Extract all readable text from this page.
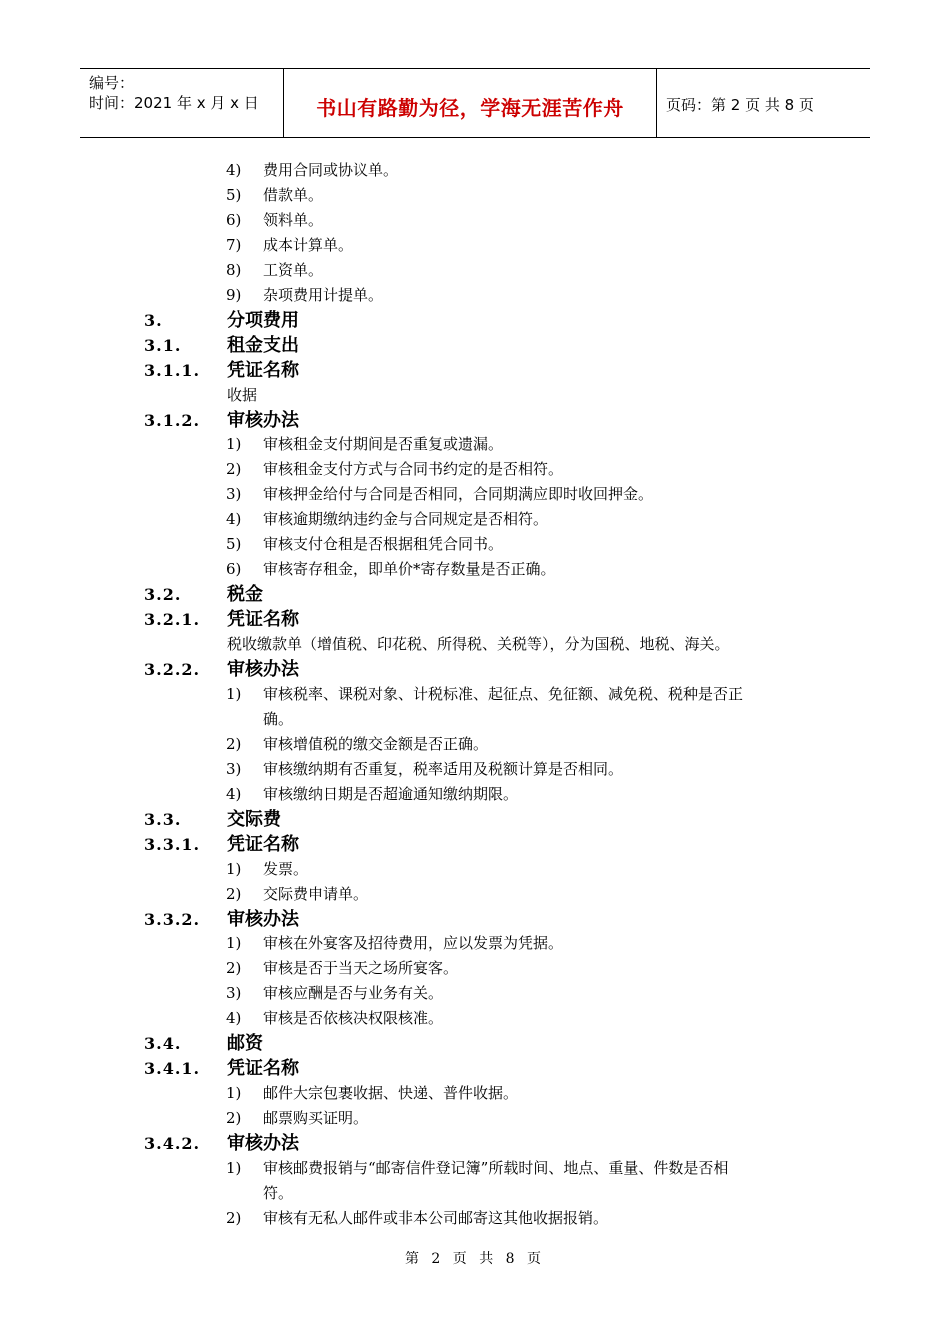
编号：
时间：2021 年 x 月 x 日	书山有路勤为径，学海无涯苦作舟	页码：第 2 页 共 8 页
4) 费用合同或协议单。
5) 借款单。
6) 领料单。
7) 成本计算单。
8) 工资单。
9) 杂项费用计提单。
3.	分项费用
3.1.	租金支出
3.1.1. 凭证名称
收据
3.1.2. 审核办法
1) 审核租金支付期间是否重复或遗漏。
2) 审核租金支付方式与合同书约定的是否相符。
3) 审核押金给付与合同是否相同，合同期满应即时收回押金。
4) 审核逾期缴纳违约金与合同规定是否相符。
5) 审核支付仓租是否根据租凭合同书。
6) 审核寄存租金，即单价*寄存数量是否正确。
3.2.	税金
3.2.1. 凭证名称
税收缴款单（增值税、印花税、所得税、关税等），分为国税、地税、海关。
3.2.2. 审核办法
1) 审核税率、课税对象、计税标准、起征点、免征额、减免税、税种是否正
确。
2) 审核增值税的缴交金额是否正确。
3) 审核缴纳期有否重复，税率适用及税额计算是否相同。
4) 审核缴纳日期是否超逾通知缴纳期限。
3.3.	交际费
3.3.1. 凭证名称
1) 发票。
2) 交际费申请单。
3.3.2. 审核办法
1) 审核在外宴客及招待费用，应以发票为凭据。
2) 审核是否于当天之场所宴客。
3) 审核应酬是否与业务有关。
4) 审核是否依核决权限核准。
3.4.	邮资
3.4.1. 凭证名称
1) 邮件大宗包裹收据、快递、普件收据。
2) 邮票购买证明。
3.4.2. 审核办法
1) 审核邮费报销与“邮寄信件登记簿”所载时间、地点、重量、件数是否相
符。
2) 审核有无私人邮件或非本公司邮寄这其他收据报销。
第 2 页 共 8 页
